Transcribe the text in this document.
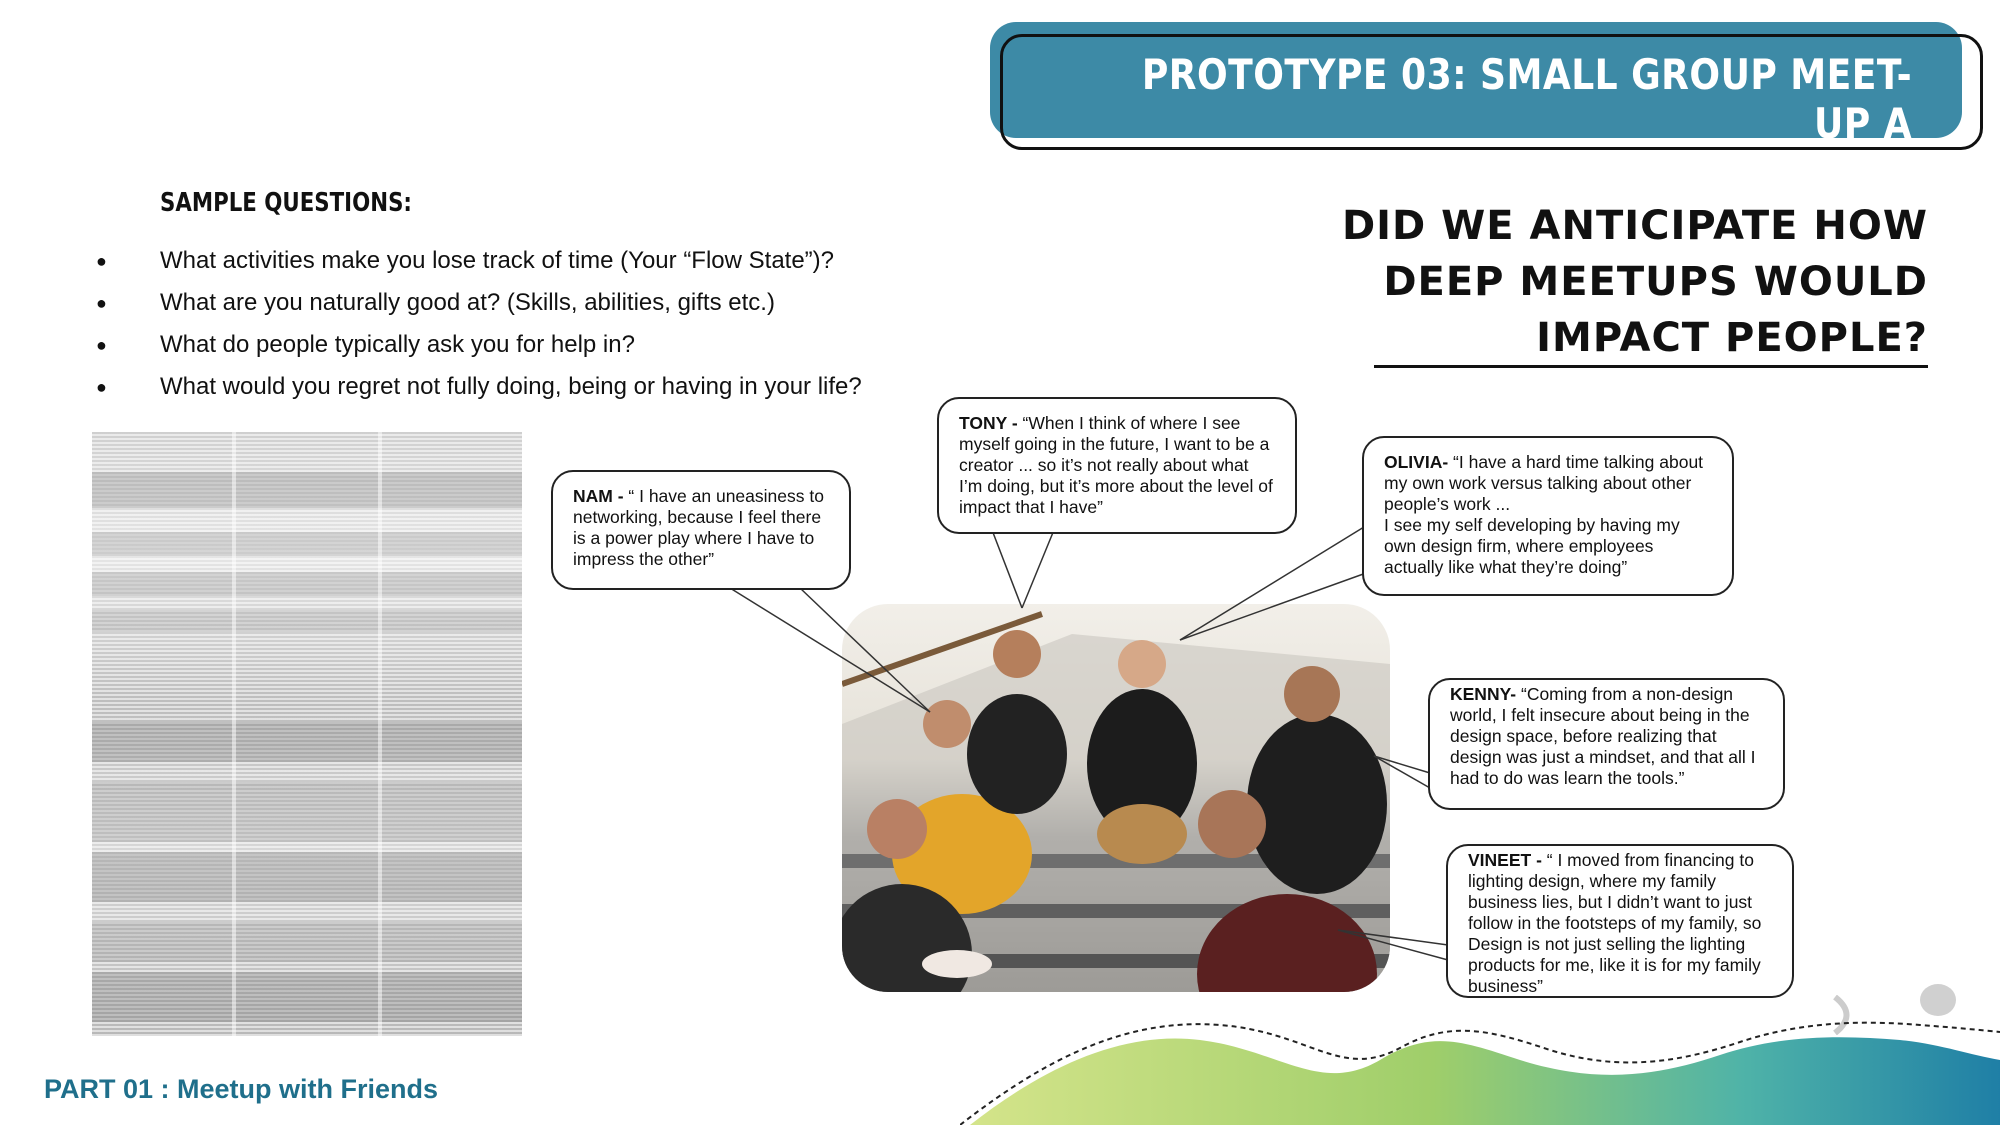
PROTOTYPE 03: SMALL GROUP MEET-UP A
SAMPLE QUESTIONS:
● What activities make you lose track of time (Your “Flow State”)?
● What are you naturally good at? (Skills, abilities, gifts etc.)
● What do people typically ask you for help in?
● What would you regret not fully doing, being or having in your life?
DID WE ANTICIPATE HOW
DEEP MEETUPS WOULD
IMPACT PEOPLE?
NAM - “ I have an uneasiness to networking, because I feel there is a power play where I have to impress the other”
TONY - “When I think of where I see myself going in the future, I want to be a creator ... so it’s not really about what I’m doing, but it’s more about the level of impact that I have”
OLIVIA- “I have a hard time talking about my own work versus talking about other people’s work ...
I see my self developing by having my own design firm, where employees actually like what they’re doing”
KENNY- “Coming from a non-design world, I felt insecure about being in the design space, before realizing that design was just a mindset, and that all I had to do was learn the tools.”
VINEET - “ I moved from financing to lighting design, where my family business lies, but I didn’t want to just follow in the footsteps of my family, so Design is not just selling the lighting products for me, like it is for my family business”
PART 01 : Meetup with Friends
